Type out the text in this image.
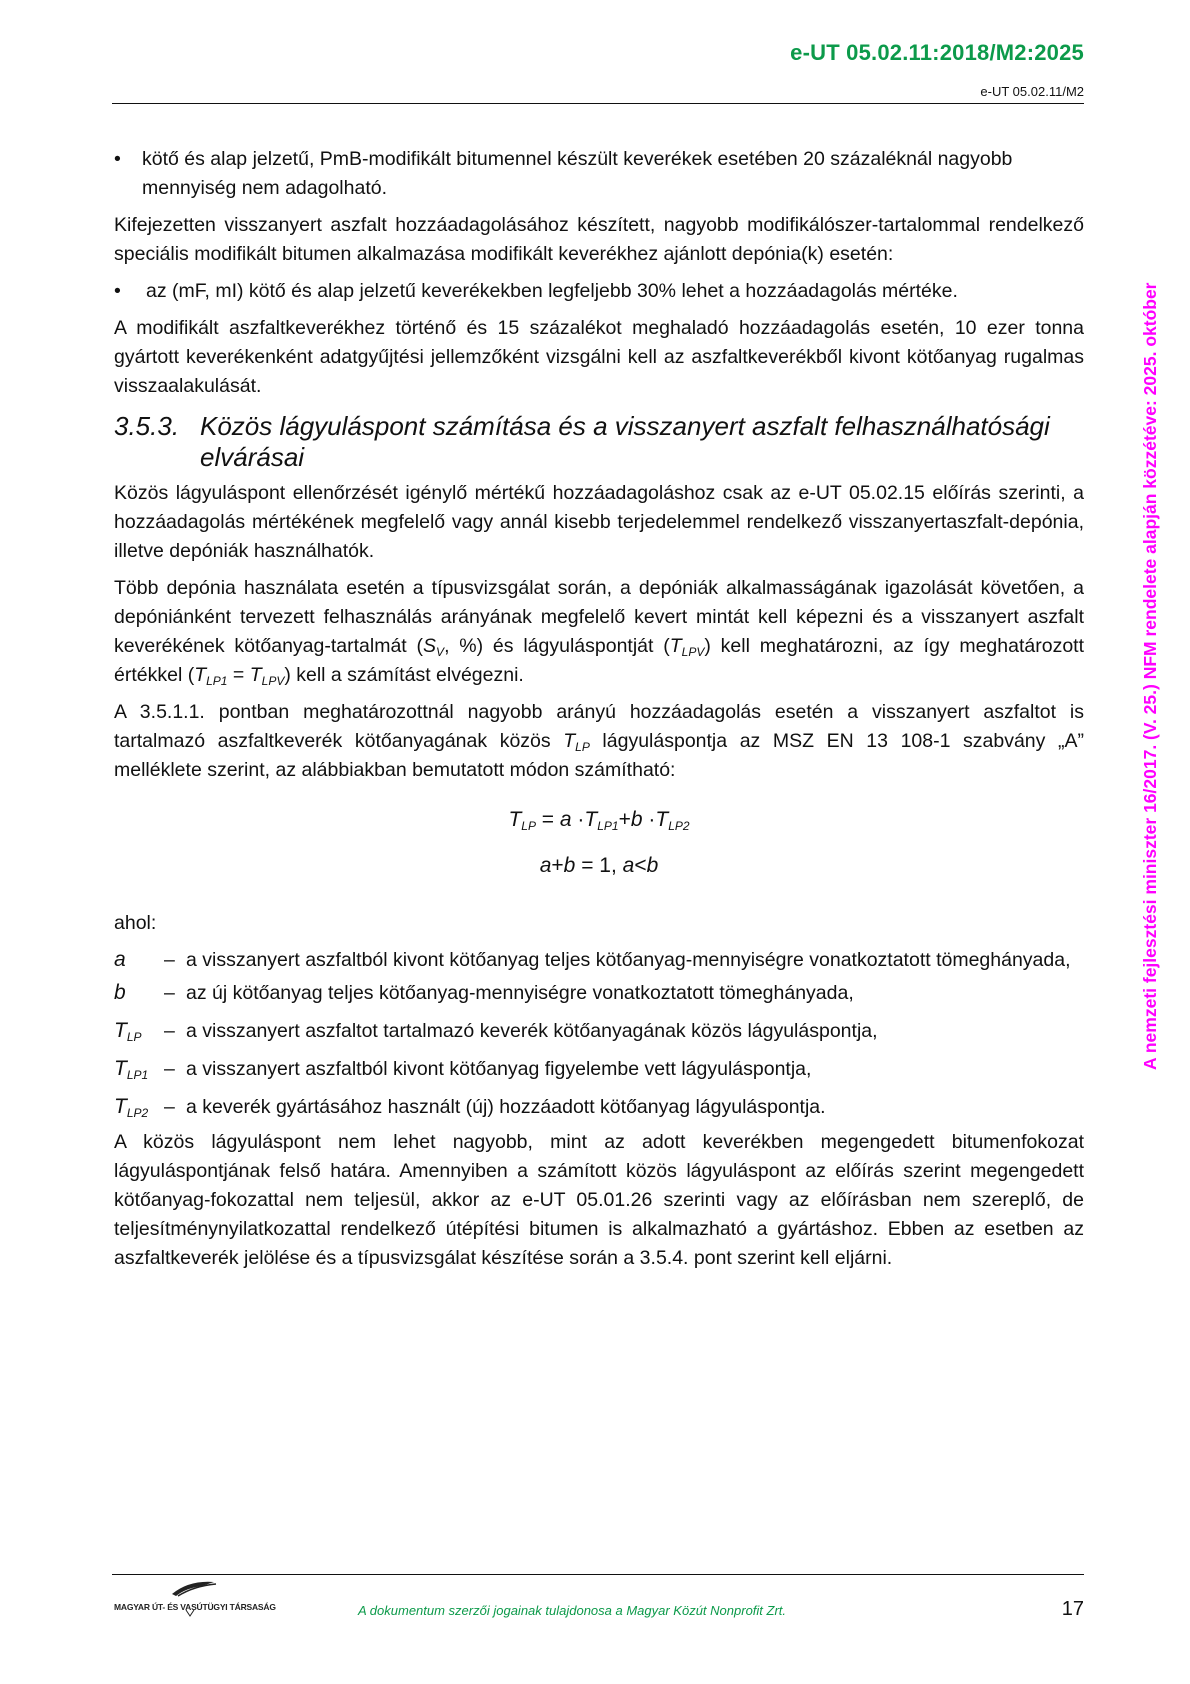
e-UT 05.02.11:2018/M2:2025
e-UT 05.02.11/M2
A nemzeti fejlesztési miniszter 16/2017. (V. 25.) NFM rendelete alapján közzétéve: 2025. október
• kötő és alap jelzetű, PmB-modifikált bitumennel készült keverékek esetében 20 százaléknál nagyobb mennyiség nem adagolható.

Kifejezetten visszanyert aszfalt hozzáadagolásához készített, nagyobb modifikálószer-tartalommal rendelkező speciális modifikált bitumen alkalmazása modifikált keverékhez ajánlott depónia(k) esetén:

• az (mF, mI) kötő és alap jelzetű keverékekben legfeljebb 30% lehet a hozzáadagolás mértéke.

A modifikált aszfaltkeverékhez történő és 15 százalékot meghaladó hozzáadagolás esetén, 10 ezer tonna gyártott keverékenként adatgyűjtési jellemzőként vizsgálni kell az aszfaltkeverékből kivont kötőanyag rugalmas visszaalakulását.

3.5.3. Közös lágyuláspont számítása és a visszanyert aszfalt felhasználhatósági elvárásai

Közös lágyuláspont ellenőrzését igénylő mértékű hozzáadagoláshoz csak az e-UT 05.02.15 előírás szerinti, a hozzáadagolás mértékének megfelelő vagy annál kisebb terjedelemmel rendelkező visszanyertaszfalt-depónia, illetve depóniák használhatók.

Több depónia használata esetén a típusvizsgálat során, a depóniák alkalmasságának igazolását követően, a depóniánként tervezett felhasználás arányának megfelelő kevert mintát kell képezni és a visszanyert aszfalt keverékének kötőanyag-tartalmát ($S_V$, %) és lágyuláspontját $(T_{LPV})$ kell meghatározni, az így meghatározott értékkel $(T_{LP1} = T_{LPV})$ kell a számítást elvégezni.

A 3.5.1.1. pontban meghatározottnál nagyobb arányú hozzáadagolás esetén a visszanyert aszfaltot is tartalmazó aszfaltkeverék kötőanyagának közös $T_{LP}$ lágyuláspontja az MSZ EN 13 108-1 szabvány „A” melléklete szerint, az alábbiakban bemutatott módon számítható:

$T_{LP} = a \cdot T_{LP1}+b \cdot T_{LP2}$
a+b = 1, a<b

ahol:

a	– a visszanyert aszfaltból kivont kötőanyag teljes kötőanyag-mennyiségre vonatkoztatott tömeghányada,
b	– az új kötőanyag teljes kötőanyag-mennyiségre vonatkoztatott tömeghányada,
$T_{LP}$	– a visszanyert aszfaltot tartalmazó keverék kötőanyagának közös lágyuláspontja,
$T_{LP1}$ – a visszanyert aszfaltból kivont kötőanyag figyelembe vett lágyuláspontja,
$T_{LP2}$ – a keverék gyártásához használt (új) hozzáadott kötőanyag lágyuláspontja.

A közös lágyuláspont nem lehet nagyobb, mint az adott keverékben megengedett bitumenfokozat lágyuláspontjának felső határa. Amennyiben a számított közös lágyuláspont az előírás szerint megengedett kötőanyag-fokozattal nem teljesül, akkor az e-UT 05.01.26 szerinti vagy az előírásban nem szereplő, de teljesítménynyilatkozattal rendelkező útépítési bitumen is alkalmazható a gyártáshoz. Ebben az esetben az aszfaltkeverék jelölése és a típusvizsgálat készítése során a 3.5.4. pont szerint kell eljárni.

MAGYAR ÚT- ÉS VASÚTÜGYI TÁRSASÁG	A dokumentum szerzői jogainak tulajdonosa a Magyar Közút Nonprofit Zrt.	17
